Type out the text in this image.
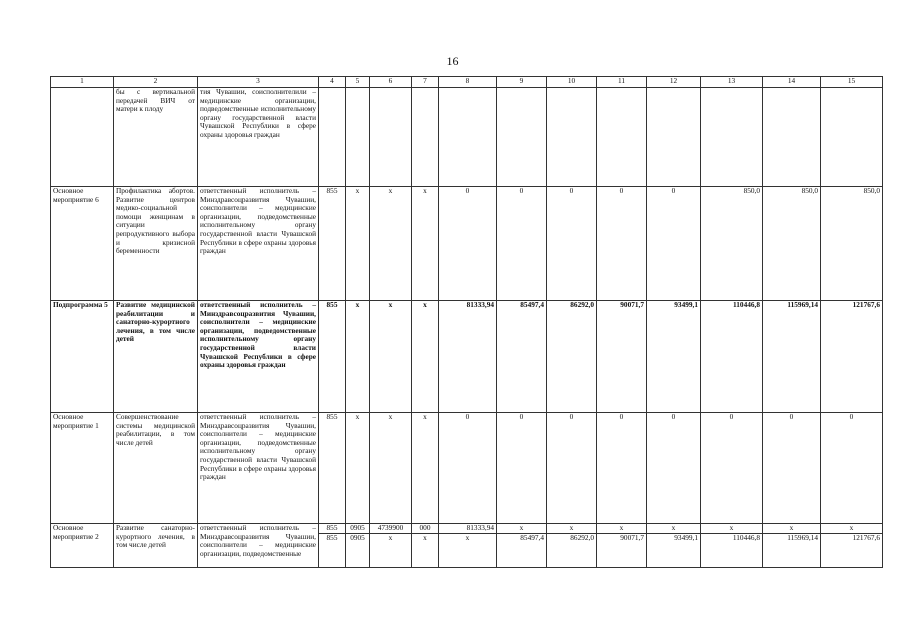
16
1	2	3	4	5	6	7	8	9	10	11	12	13	14	15
	бы с вертикальной передачей ВИЧ от матери к плоду	тия Чувашии, соисполнителили – медицинские организации, подведомственные исполнительному органу государственной власти Чувашской Республики в сфере охраны здоровья граждан												
Основное мероприятие 6	Профилактика абортов. Развитие центров медико-социальной помощи женщинам в ситуации репродуктивного выбора и кризисной беременности	ответственный исполнитель – Минздравсоцразвития Чувашии, соисполнители – медицинские организации, подведомственные исполнительному органу государственной власти Чувашской Республики в сфере охраны здоровья граждан	855	x	x	x	0	0	0	0	0	850,0	850,0	850,0
Подпрограмма 5	Развитие медицинской реабилитации и санаторно-курортного лечения, в том числе детей	ответственный исполнитель – Минздравсоцразвития Чувашии, соисполнители – медицинские организации, подведомственные исполнительному органу государственной власти Чувашской Республики в сфере охраны здоровья граждан	855	x	x	x	81333,94	85497,4	86292,0	90071,7	93499,1	110446,8	115969,14	121767,6
Основное мероприятие 1	Совершенствование системы медицинской реабилитации, в том числе детей	ответственный исполнитель – Минздравсоцразвития Чувашии, соисполнители – медицинские организации, подведомственные исполнительному органу государственной власти Чувашской Республики в сфере охраны здоровья граждан	855	x	x	x	0	0	0	0	0	0	0	0
Основное мероприятие 2	Развитие санаторно-курортного лечения, в том числе детей	ответственный исполнитель – Минздравсоцразвития Чувашии, соисполнители – медицинские организации, подведомственные	855	0905	4739900	000	81333,94	x	x	x	x	x	x	x
			855	0905	x	x	x	85497,4	86292,0	90071,7	93499,1	110446,8	115969,14	121767,6
